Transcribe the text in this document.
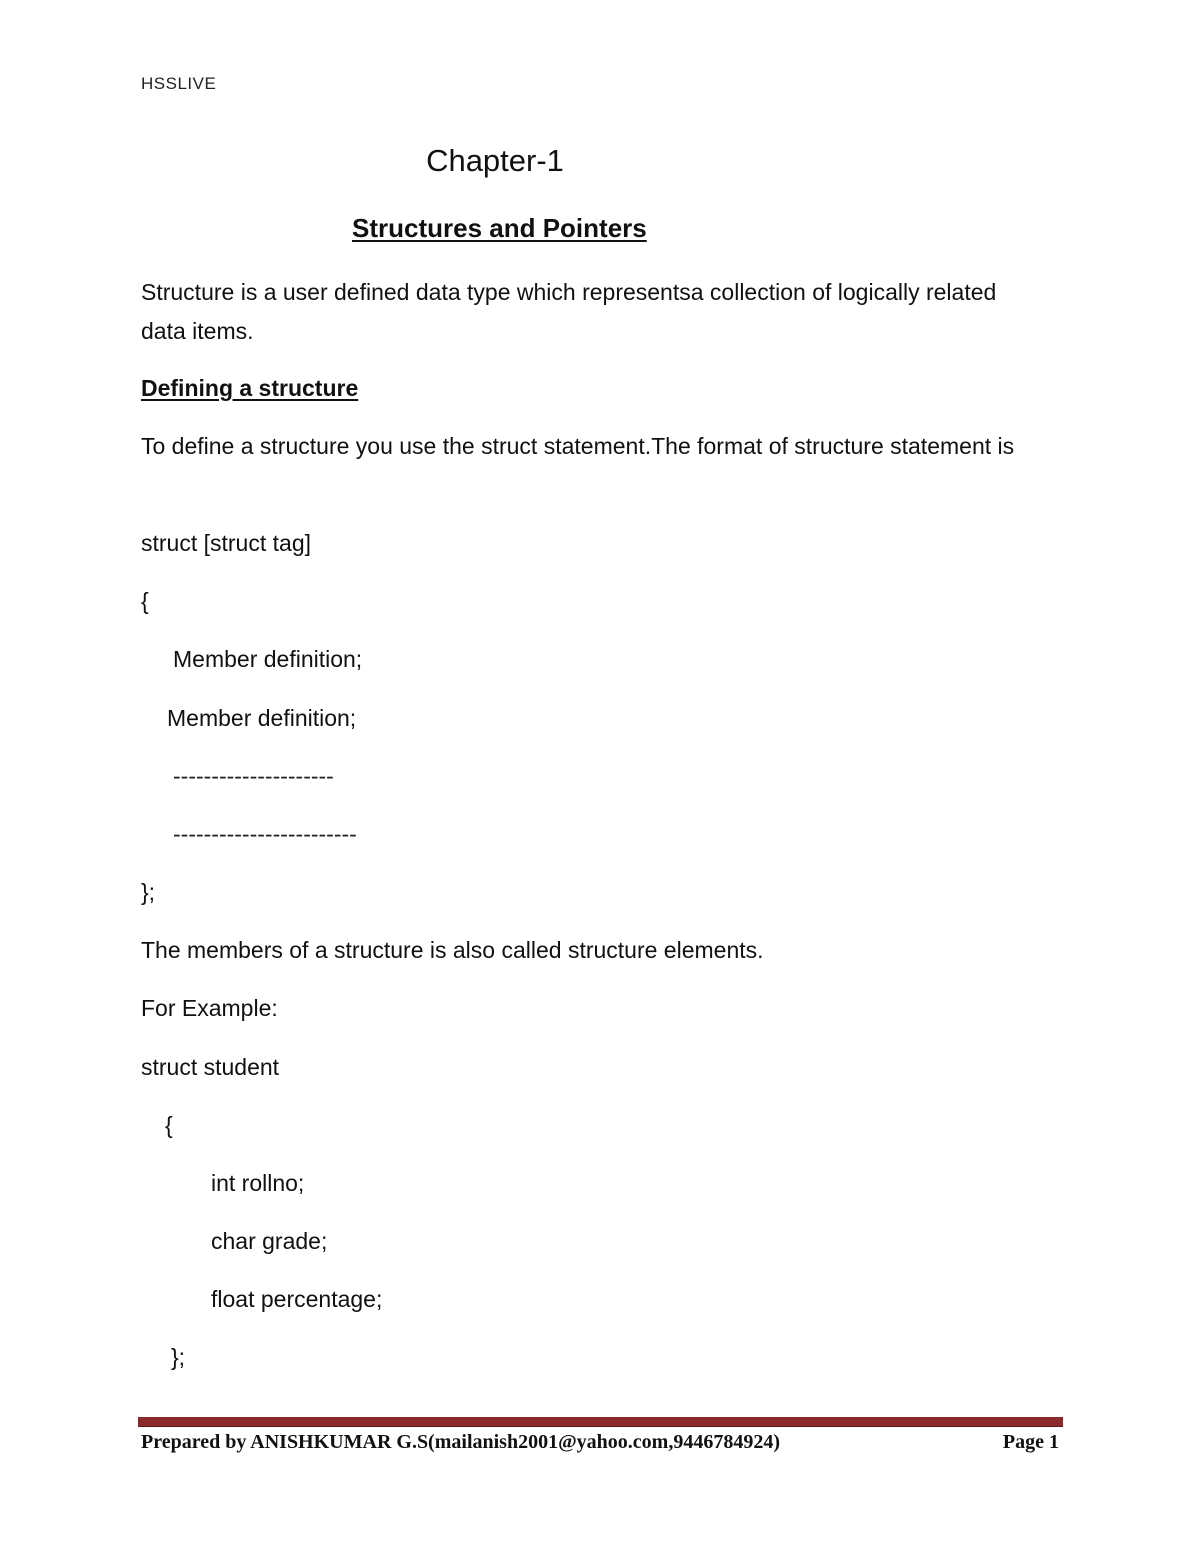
HSSLIVE
Chapter-1
Structures and Pointers
Structure is a user defined data type which representsa collection of logically related data items.
Defining a structure
To define a structure you use the struct statement.The format of structure statement is
struct [struct tag]
{
Member definition;
Member definition;
---------------------
------------------------
};
The members of a structure is also called structure elements.
For Example:
struct student
{
int rollno;
char grade;
float percentage;
};
Prepared by ANISHKUMAR G.S(mailanish2001@yahoo.com,9446784924)	Page 1
